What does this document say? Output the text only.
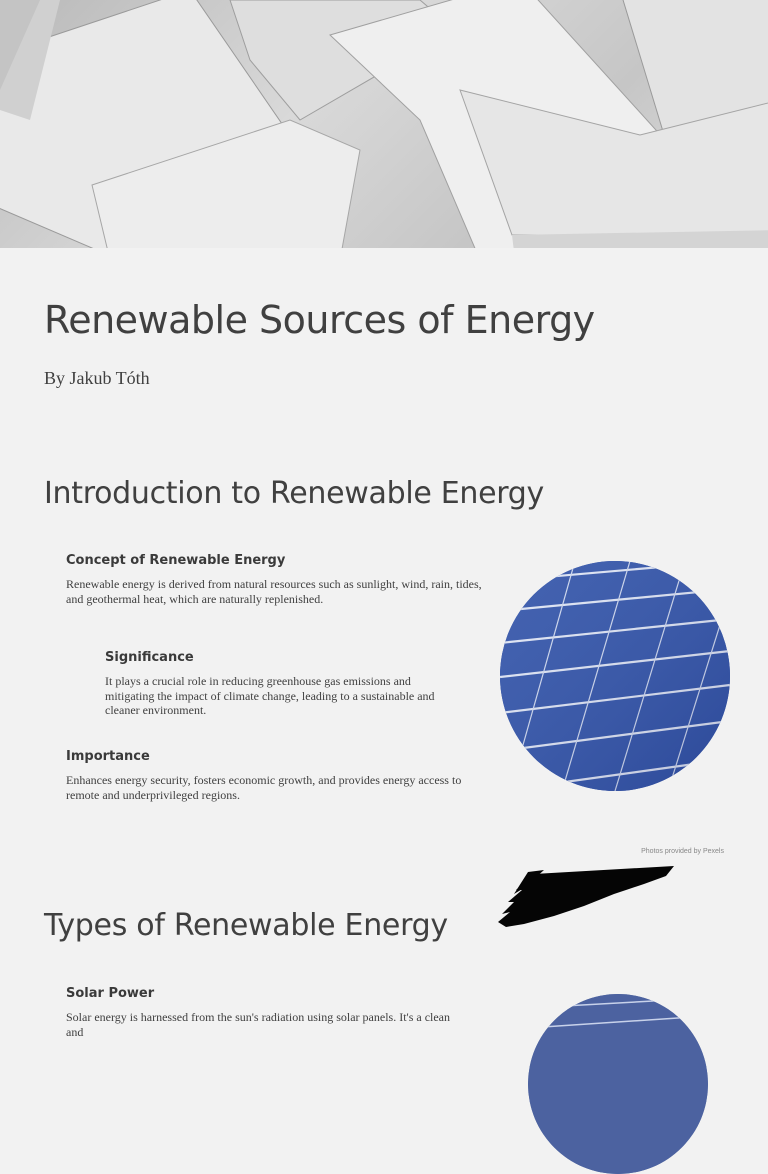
Renewable Sources of Energy
By Jakub Tóth
Introduction to Renewable Energy
Concept of Renewable Energy
Renewable energy is derived from natural resources such as sunlight, wind, rain, tides, and geothermal heat, which are naturally replenished.
Significance
It plays a crucial role in reducing greenhouse gas emissions and mitigating the impact of climate change, leading to a sustainable and cleaner environment.
Importance
Enhances energy security, fosters economic growth, and provides energy access to remote and underprivileged regions.
Photos provided by Pexels
Types of Renewable Energy
Solar Power
Solar energy is harnessed from the sun's radiation using solar panels. It's a clean and
